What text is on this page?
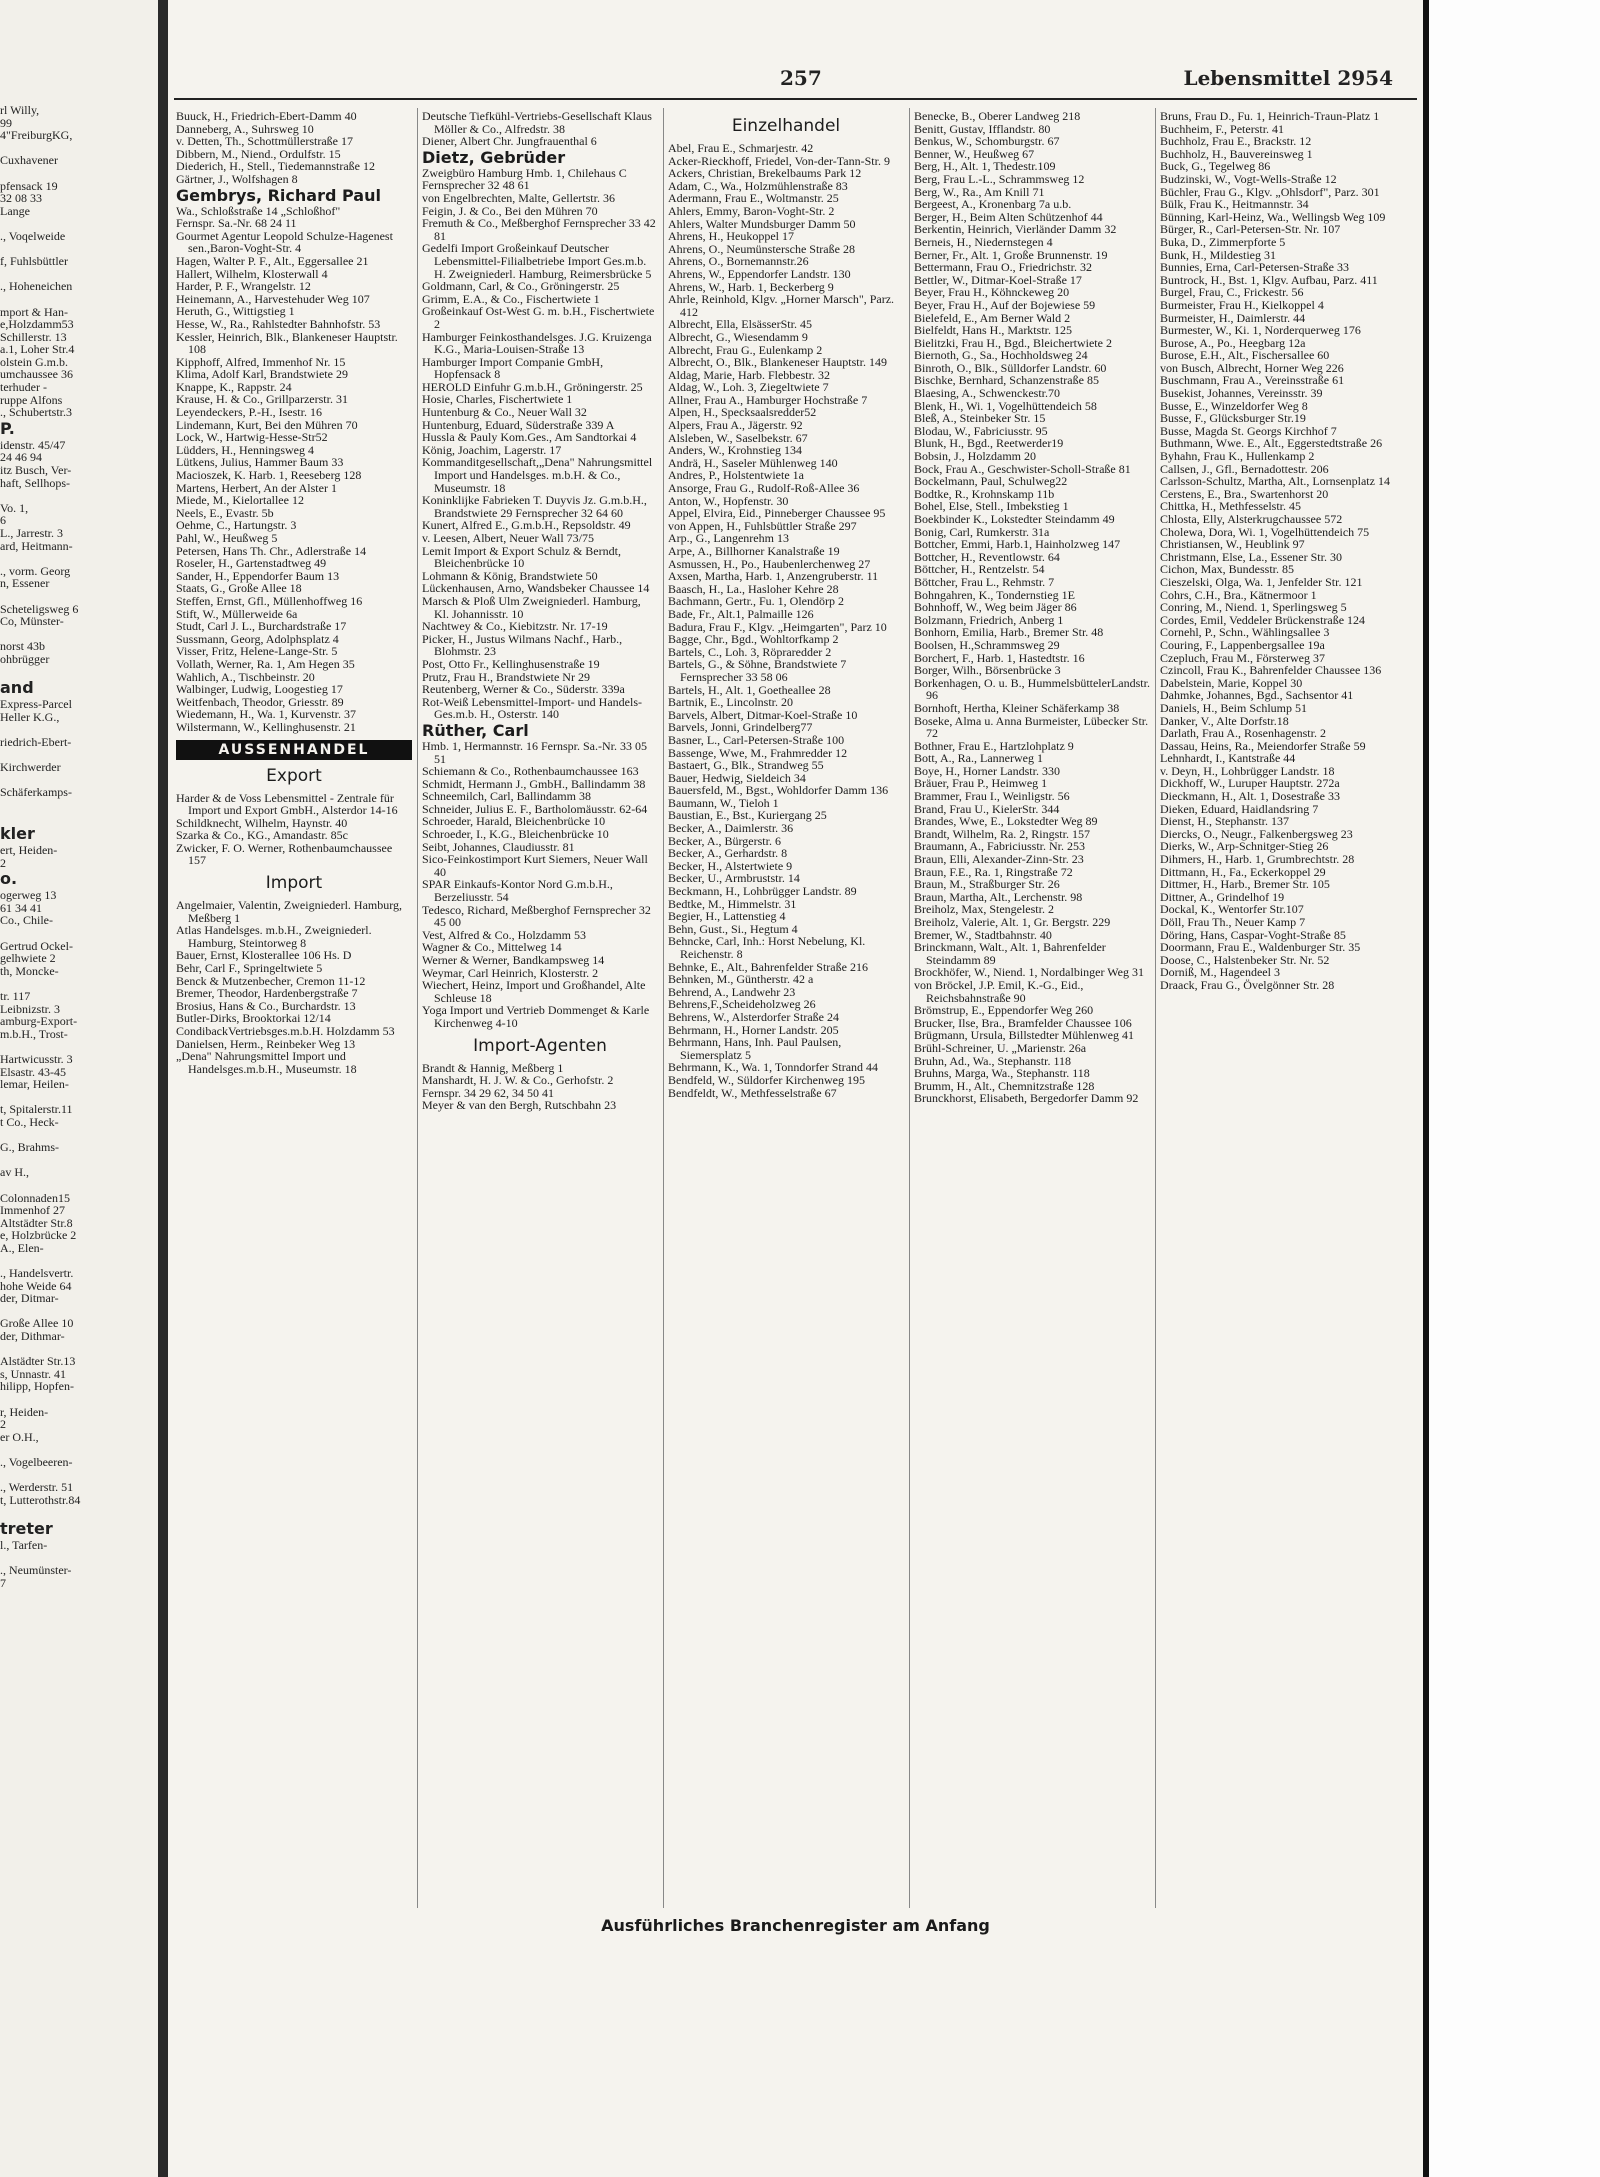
rl Willy,
99
4"FreiburgKG,

Cuxhavener

pfensack 19
32 08 33
Lange

., Voqelweide

f, Fuhlsbüttler

., Hoheneichen

mport & Han-
e,Holzdamm53
Schillerstr. 13
a.1, Loher Str.4
olstein G.m.b.
umchaussee 36
terhuder -
ruppe Alfons
., Schubertstr.3
P.
idenstr. 45/47
24 46 94
itz Busch, Ver-
haft, Sellhops-

Vo. 1,
6
L., Jarrestr. 3
ard, Heitmann-

., vorm. Georg
n, Essener

Scheteligsweg 6
Co, Münster-

norst 43b
ohbrügger

and
Express-Parcel
Heller K.G.,

riedrich-Ebert-

Kirchwerder

Schäferkamps-

kler
ert, Heiden-
2
o.
ogerweg 13
61 34 41
Co., Chile-

Gertrud Ockel-
gelhwiete 2
th, Moncke-

tr. 117
Leibnizstr. 3
amburg-Export-
m.b.H., Trost-

Hartwicusstr. 3
Elsastr. 43-45
lemar, Heilen-

t, Spitalerstr.11
t Co., Heck-

G., Brahms-

av H.,

Colonnaden15
Immenhof 27
Altstädter Str.8
e, Holzbrücke 2
A., Elen-

., Handelsvertr.
hohe Weide 64
der, Ditmar-

Große Allee 10
der, Dithmar-

Alstädter Str.13
s, Unnastr. 41
hilipp, Hopfen-

r, Heiden-
2
er O.H.,

., Vogelbeeren-

., Werderstr. 51
t, Lutterothstr.84

treter
l., Tarfen-

., Neumünster-
7
257	Lebensmittel 2954

Buuck, H., Friedrich-Ebert-Damm 40

Danneberg, A., Suhrsweg 10

v. Detten, Th., Schottmüllerstraße 17

Dibbern, M., Niend., Ordulfstr. 15

Diederich, H., Stell., Tiedemannstraße 12

Gärtner, J., Wolfshagen 8

Gembrys, Richard Paul

Wa., Schloßstraße 14 „Schloßhof"

Fernspr. Sa.-Nr. 68 24 11

Gourmet Agentur Leopold Schulze-Hagenest sen.,Baron-Voght-Str. 4

Hagen, Walter P. F., Alt., Eggersallee 21

Hallert, Wilhelm, Klosterwall 4

Harder, P. F., Wrangelstr. 12

Heinemann, A., Harvestehuder Weg 107

Heruth, G., Wittigstieg 1

Hesse, W., Ra., Rahlstedter Bahnhofstr. 53

Kessler, Heinrich, Blk., Blankeneser Hauptstr. 108

Kipphoff, Alfred, Immenhof Nr. 15

Klima, Adolf Karl, Brandstwiete 29

Knappe, K., Rappstr. 24

Krause, H. & Co., Grillparzerstr. 31

Leyendeckers, P.-H., Isestr. 16

Lindemann, Kurt, Bei den Mühren 70

Lock, W., Hartwig-Hesse-Str52

Lüdders, H., Henningsweg 4

Lütkens, Julius, Hammer Baum 33

Macioszek, K. Harb. 1, Reeseberg 128

Martens, Herbert, An der Alster 1

Miede, M., Kielortallee 12

Neels, E., Evastr. 5b

Oehme, C., Hartungstr. 3

Pahl, W., Heußweg 5

Petersen, Hans Th. Chr., Adlerstraße 14

Roseler, H., Gartenstadtweg 49

Sander, H., Eppendorfer Baum 13

Staats, G., Große Allee 18

Steffen, Ernst, Gfl., Müllenhoffweg 16

Stift, W., Müllerweide 6a

Studt, Carl J. L., Burchardstraße 17

Sussmann, Georg, Adolphsplatz 4

Visser, Fritz, Helene-Lange-Str. 5

Vollath, Werner, Ra. 1, Am Hegen 35

Wahlich, A., Tischbeinstr. 20

Walbinger, Ludwig, Loogestieg 17

Weitfenbach, Theodor, Griesstr. 89

Wiedemann, H., Wa. 1, Kurvenstr. 37

Wilstermann, W., Kellinghusenstr. 21

AUSSENHANDEL

Export

Harder & de Voss Lebensmittel - Zentrale für Import und Export GmbH., Alsterdor 14-16

Schildknecht, Wilhelm, Haynstr. 40

Szarka & Co., KG., Amandastr. 85c

Zwicker, F. O. Werner, Rothenbaumchaussee 157

Import

Angelmaier, Valentin, Zweigniederl. Hamburg, Meßberg 1

Atlas Handelsges. m.b.H., Zweigniederl. Hamburg, Steintorweg 8

Bauer, Ernst, Klosterallee 106 Hs. D

Behr, Carl F., Springeltwiete 5

Benck & Mutzenbecher, Cremon 11-12

Bremer, Theodor, Hardenbergstraße 7

Brosius, Hans & Co., Burchardstr. 13

Butler-Dirks, Brooktorkai 12/14

CondibackVertriebsges.m.b.H. Holzdamm 53

Danielsen, Herm., Reinbeker Weg 13

„Dena" Nahrungsmittel Import und Handelsges.m.b.H., Museumstr. 18

Deutsche Tiefkühl-Vertriebs-Gesellschaft Klaus Möller & Co., Alfredstr. 38

Diener, Albert Chr. Jungfrauenthal 6

Dietz, Gebrüder

Zweigbüro Hamburg Hmb. 1, Chilehaus C

Fernsprecher 32 48 61

von Engelbrechten, Malte, Gellertstr. 36

Feigin, J. & Co., Bei den Mühren 70

Fremuth & Co., Meßberghof Fernsprecher 33 42 81

Gedelfi Import Großeinkauf Deutscher Lebensmittel-Filialbetriebe Import Ges.m.b. H. Zweigniederl. Hamburg, Reimersbrücke 5

Goldmann, Carl, & Co., Gröningerstr. 25

Grimm, E.A., & Co., Fischertwiete 1

Großeinkauf Ost-West G. m. b.H., Fischertwiete 2

Hamburger Feinkosthandelsges. J.G. Kruizenga K.G., Maria-Louisen-Straße 13

Hamburger Import Companie GmbH, Hopfensack 8

HEROLD Einfuhr G.m.b.H., Gröningerstr. 25

Hosie, Charles, Fischertwiete 1

Huntenburg & Co., Neuer Wall 32

Huntenburg, Eduard, Süderstraße 339 A

Hussla & Pauly Kom.Ges., Am Sandtorkai 4

König, Joachim, Lagerstr. 17

Kommanditgesellschaft,„Dena" Nahrungsmittel Import und Handelsges. m.b.H. & Co., Museumstr. 18

Koninklijke Fabrieken T. Duyvis Jz. G.m.b.H., Brandstwiete 29 Fernsprecher 32 64 60

Kunert, Alfred E., G.m.b.H., Repsoldstr. 49

v. Leesen, Albert, Neuer Wall 73/75

Lemit Import & Export Schulz & Berndt, Bleichenbrücke 10

Lohmann & König, Brandstwiete 50

Lückenhausen, Arno, Wandsbeker Chaussee 14

Marsch & Ploß Ulm Zweigniederl. Hamburg, Kl. Johannisstr. 10

Nachtwey & Co., Kiebitzstr. Nr. 17-19

Picker, H., Justus Wilmans Nachf., Harb., Blohmstr. 23

Post, Otto Fr., Kellinghusenstraße 19

Prutz, Frau H., Brandstwiete Nr 29

Reutenberg, Werner & Co., Süderstr. 339a

Rot-Weiß Lebensmittel-Import- und Handels-Ges.m.b. H., Osterstr. 140

Rüther, Carl

Hmb. 1, Hermannstr. 16 Fernspr. Sa.-Nr. 33 05 51

Schiemann & Co., Rothenbaumchaussee 163

Schmidt, Hermann J., GmbH., Ballindamm 38

Schneemilch, Carl, Ballindamm 38

Schneider, Julius E. F., Bartholomäusstr. 62-64

Schroeder, Harald, Bleichenbrücke 10

Schroeder, I., K.G., Bleichenbrücke 10

Seibt, Johannes, Claudiusstr. 81

Sico-Feinkostimport Kurt Siemers, Neuer Wall 40

SPAR Einkaufs-Kontor Nord G.m.b.H., Berzeliusstr. 54

Tedesco, Richard, Meßberghof Fernsprecher 32 45 00

Vest, Alfred & Co., Holzdamm 53

Wagner & Co., Mittelweg 14

Werner & Werner, Bandkampsweg 14

Weymar, Carl Heinrich, Klosterstr. 2

Wiechert, Heinz, Import und Großhandel, Alte Schleuse 18

Yoga Import und Vertrieb Dommenget & Karle Kirchenweg 4-10

Import-Agenten

Brandt & Hannig, Meßberg 1

Manshardt, H. J. W. & Co., Gerhofstr. 2

Fernspr. 34 29 62, 34 50 41

Meyer & van den Bergh, Rutschbahn 23

Einzelhandel

Abel, Frau E., Schmarjestr. 42

Acker-Rieckhoff, Friedel, Von-der-Tann-Str. 9

Ackers, Christian, Brekelbaums Park 12

Adam, C., Wa., Holzmühlenstraße 83

Adermann, Frau E., Woltmanstr. 25

Ahlers, Emmy, Baron-Voght-Str. 2

Ahlers, Walter Mundsburger Damm 50

Ahrens, H., Heukoppel 17

Ahrens, O., Neumünstersche Straße 28

Ahrens, O., Bornemannstr.26

Ahrens, W., Eppendorfer Landstr. 130

Ahrens, W., Harb. 1, Beckerberg 9

Ahrle, Reinhold, Klgv. „Horner Marsch", Parz. 412

Albrecht, Ella, ElsässerStr. 45

Albrecht, G., Wiesendamm 9

Albrecht, Frau G., Eulenkamp 2

Albrecht, O., Blk., Blankeneser Hauptstr. 149

Aldag, Marie, Harb. Flebbestr. 32

Aldag, W., Loh. 3, Ziegeltwiete 7

Allner, Frau A., Hamburger Hochstraße 7

Alpen, H., Specksaalsredder52

Alpers, Frau A., Jägerstr. 92

Alsleben, W., Saselbekstr. 67

Anders, W., Krohnstieg 134

Andrä, H., Saseler Mühlenweg 140

Andres, P., Holstentwiete 1a

Ansorge, Frau G., Rudolf-Roß-Allee 36

Anton, W., Hopfenstr. 30

Appel, Elvira, Eid., Pinneberger Chaussee 95

von Appen, H., Fuhlsbüttler Straße 297

Arp., G., Langenrehm 13

Arpe, A., Billhorner Kanalstraße 19

Asmussen, H., Po., Haubenlerchenweg 27

Axsen, Martha, Harb. 1, Anzengruberstr. 11

Baasch, H., La., Hasloher Kehre 28

Bachmann, Gertr., Fu. 1, Olendörp 2

Bade, Fr., Alt.1, Palmaille 126

Badura, Frau F., Klgv. „Heimgarten", Parz 10

Bagge, Chr., Bgd., Wohltorfkamp 2

Bartels, C., Loh. 3, Röpraredder 2

Bartels, G., & Söhne, Brandstwiete 7 Fernsprecher 33 58 06

Bartels, H., Alt. 1, Goetheallee 28

Bartnik, E., Lincolnstr. 20

Barvels, Albert, Ditmar-Koel-Straße 10

Barvels, Jonni, Grindelberg77

Basner, L., Carl-Petersen-Straße 100

Bassenge, Wwe, M., Frahmredder 12

Bastaert, G., Blk., Strandweg 55

Bauer, Hedwig, Sieldeich 34

Bauersfeld, M., Bgst., Wohldorfer Damm 136

Baumann, W., Tieloh 1

Baustian, E., Bst., Kuriergang 25

Becker, A., Daimlerstr. 36

Becker, A., Bürgerstr. 6

Becker, A., Gerhardstr. 8

Becker, H., Alstertwiete 9

Becker, U., Armbruststr. 14

Beckmann, H., Lohbrügger Landstr. 89

Bedtke, M., Himmelstr. 31

Begier, H., Lattenstieg 4

Behn, Gust., Si., Hegtum 4

Behncke, Carl, Inh.: Horst Nebelung, Kl. Reichenstr. 8

Behnke, E., Alt., Bahrenfelder Straße 216

Behnken, M., Güntherstr. 42 a

Behrend, A., Landwehr 23

Behrens,F.,Scheideholzweg 26

Behrens, W., Alsterdorfer Straße 24

Behrmann, H., Horner Landstr. 205

Behrmann, Hans, Inh. Paul Paulsen, Siemersplatz 5

Behrmann, K., Wa. 1, Tonndorfer Strand 44

Bendfeld, W., Süldorfer Kirchenweg 195

Bendfeldt, W., Methfesselstraße 67

Benecke, B., Oberer Landweg 218

Benitt, Gustav, Ifflandstr. 80

Benkus, W., Schomburgstr. 67

Benner, W., Heußweg 67

Berg, H., Alt. 1, Thedestr.109

Berg, Frau L.-L., Schrammsweg 12

Berg, W., Ra., Am Knill 71

Bergeest, A., Kronenbarg 7a u.b.

Berger, H., Beim Alten Schützenhof 44

Berkentin, Heinrich, Vierländer Damm 32

Berneis, H., Niedernstegen 4

Berner, Fr., Alt. 1, Große Brunnenstr. 19

Bettermann, Frau O., Friedrichstr. 32

Bettler, W., Ditmar-Koel-Straße 17

Beyer, Frau H., Köhnckeweg 20

Beyer, Frau H., Auf der Bojewiese 59

Bielefeld, E., Am Berner Wald 2

Bielfeldt, Hans H., Marktstr. 125

Bielitzki, Frau H., Bgd., Bleichertwiete 2

Biernoth, G., Sa., Hochholdsweg 24

Binroth, O., Blk., Sülldorfer Landstr. 60

Bischke, Bernhard, Schanzenstraße 85

Blaesing, A., Schwenckestr.70

Blenk, H., Wi. 1, Vogelhüttendeich 58

Bleß, A., Steinbeker Str. 15

Blodau, W., Fabriciusstr. 95

Blunk, H., Bgd., Reetwerder19

Bobsin, J., Holzdamm 20

Bock, Frau A., Geschwister-Scholl-Straße 81

Bockelmann, Paul, Schulweg22

Bodtke, R., Krohnskamp 11b

Bohel, Else, Stell., Imbekstieg 1

Boekbinder K., Lokstedter Steindamm 49

Bonig, Carl, Rumkerstr. 31a

Bottcher, Emmi, Harb.1, Hainholzweg 147

Bottcher, H., Reventlowstr. 64

Böttcher, H., Rentzelstr. 54

Böttcher, Frau L., Rehmstr. 7

Bohngahren, K., Tondernstieg 1E

Bohnhoff, W., Weg beim Jäger 86

Bolzmann, Friedrich, Anberg 1

Bonhorn, Emilia, Harb., Bremer Str. 48

Boolsen, H.,Schrammsweg 29

Borchert, F., Harb. 1, Hastedtstr. 16

Borger, Wilh., Börsenbrücke 3

Borkenhagen, O. u. B., HummelsbüttelerLandstr. 96

Bornhoft, Hertha, Kleiner Schäferkamp 38

Boseke, Alma u. Anna Burmeister, Lübecker Str. 72

Bothner, Frau E., Hartzlohplatz 9

Bott, A., Ra., Lannerweg 1

Boye, H., Horner Landstr. 330

Bräuer, Frau P., Heimweg 1

Brammer, Frau I., Weinligstr. 56

Brand, Frau U., KielerStr. 344

Brandes, Wwe, E., Lokstedter Weg 89

Brandt, Wilhelm, Ra. 2, Ringstr. 157

Braumann, A., Fabriciusstr. Nr. 253

Braun, Elli, Alexander-Zinn-Str. 23

Braun, F.E., Ra. 1, Ringstraße 72

Braun, M., Straßburger Str. 26

Braun, Martha, Alt., Lerchenstr. 98

Breiholz, Max, Stengelestr. 2

Breiholz, Valerie, Alt. 1, Gr. Bergstr. 229

Bremer, W., Stadtbahnstr. 40

Brinckmann, Walt., Alt. 1, Bahrenfelder Steindamm 89

Brockhöfer, W., Niend. 1, Nordalbinger Weg 31

von Bröckel, J.P. Emil, K.-G., Eid., Reichsbahnstraße 90

Brömstrup, E., Eppendorfer Weg 260

Brucker, Ilse, Bra., Bramfelder Chaussee 106

Brügmann, Ursula, Billstedter Mühlenweg 41

Brühl-Schreiner, U. „Marienstr. 26a

Bruhn, Ad., Wa., Stephanstr. 118

Bruhns, Marga, Wa., Stephanstr. 118

Brumm, H., Alt., Chemnitzstraße 128

Brunckhorst, Elisabeth, Bergedorfer Damm 92

Bruns, Frau D., Fu. 1, Heinrich-Traun-Platz 1

Buchheim, F., Peterstr. 41

Buchholz, Frau E., Brackstr. 12

Buchholz, H., Bauvereinsweg 1

Buck, G., Tegelweg 86

Budzinski, W., Vogt-Wells-Straße 12

Büchler, Frau G., Klgv. „Ohlsdorf", Parz. 301

Bülk, Frau K., Heitmannstr. 34

Bünning, Karl-Heinz, Wa., Wellingsb Weg 109

Bürger, R., Carl-Petersen-Str. Nr. 107

Buka, D., Zimmerpforte 5

Bunk, H., Mildestieg 31

Bunnies, Erna, Carl-Petersen-Straße 33

Buntrock, H., Bst. 1, Klgv. Aufbau, Parz. 411

Burgel, Frau, C., Frickestr. 56

Burmeister, Frau H., Kielkoppel 4

Burmeister, H., Daimlerstr. 44

Burmester, W., Ki. 1, Norderquerweg 176

Burose, A., Po., Heegbarg 12a

Burose, E.H., Alt., Fischersallee 60

von Busch, Albrecht, Horner Weg 226

Buschmann, Frau A., Vereinsstraße 61

Busekist, Johannes, Vereinsstr. 39

Busse, E., Winzeldorfer Weg 8

Busse, F., Glücksburger Str.19

Busse, Magda St. Georgs Kirchhof 7

Buthmann, Wwe. E., Alt., Eggerstedtstraße 26

Byhahn, Frau K., Hullenkamp 2

Callsen, J., Gfl., Bernadottestr. 206

Carlsson-Schultz, Martha, Alt., Lornsenplatz 14

Cerstens, E., Bra., Swartenhorst 20

Chittka, H., Methfesselstr. 45

Chlosta, Elly, Alsterkrugchaussee 572

Cholewa, Dora, Wi. 1, Vogelhüttendeich 75

Christiansen, W., Heublink 97

Christmann, Else, La., Essener Str. 30

Cichon, Max, Bundesstr. 85

Cieszelski, Olga, Wa. 1, Jenfelder Str. 121

Cohrs, C.H., Bra., Kätnermoor 1

Conring, M., Niend. 1, Sperlingsweg 5

Cordes, Emil, Veddeler Brückenstraße 124

Cornehl, P., Schn., Wählingsallee 3

Couring, F., Lappenbergsallee 19a

Czepluch, Frau M., Försterweg 37

Czincoll, Frau K., Bahrenfelder Chaussee 136

Dabelstein, Marie, Koppel 30

Dahmke, Johannes, Bgd., Sachsentor 41

Daniels, H., Beim Schlump 51

Danker, V., Alte Dorfstr.18

Darlath, Frau A., Rosenhagenstr. 2

Dassau, Heins, Ra., Meiendorfer Straße 59

Lehnhardt, I., Kantstraße 44

v. Deyn, H., Lohbrügger Landstr. 18

Dickhoff, W., Luruper Hauptstr. 272a

Dieckmann, H., Alt. 1, Dosestraße 33

Dieken, Eduard, Haidlandsring 7

Dienst, H., Stephanstr. 137

Diercks, O., Neugr., Falkenbergsweg 23

Dierks, W., Arp-Schnitger-Stieg 26

Dihmers, H., Harb. 1, Grumbrechtstr. 28

Dittmann, H., Fa., Eckerkoppel 29

Dittmer, H., Harb., Bremer Str. 105

Dittner, A., Grindelhof 19

Dockal, K., Wentorfer Str.107

Döll, Frau Th., Neuer Kamp 7

Döring, Hans, Caspar-Voght-Straße 85

Doormann, Frau E., Waldenburger Str. 35

Doose, C., Halstenbeker Str. Nr. 52

Dorniß, M., Hagendeel 3

Draack, Frau G., Övelgönner Str. 28

Ausführliches Branchenregister am Anfang
